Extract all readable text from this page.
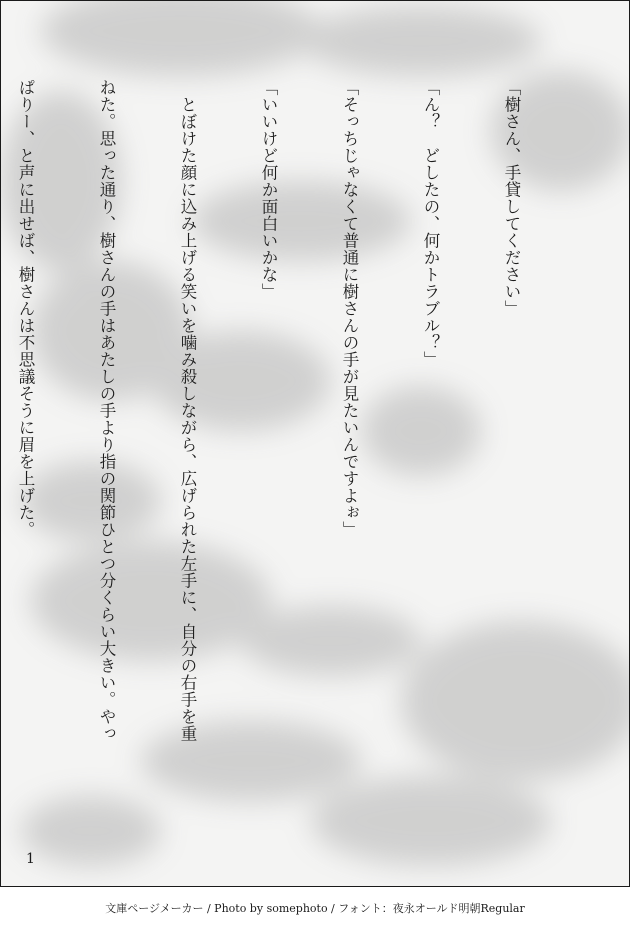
「樹さん、手貸してください」

「ん？　どしたの、何かトラブル？」

「そっちじゃなくて普通に樹さんの手が見たいんですよぉ」

「いいけど何か面白いかな」

　とぼけた顔に込み上げる笑いを噛み殺しながら、広げられた左手に、自分の右手を重

ねた。思った通り、樹さんの手はあたしの手より指の関節ひとつ分くらい大きい。やっ

ぱりー、と声に出せば、樹さんは不思議そうに眉を上げた。

1
文庫ページメーカー / Photo by somephoto / フォント：夜永オールド明朝Regular
